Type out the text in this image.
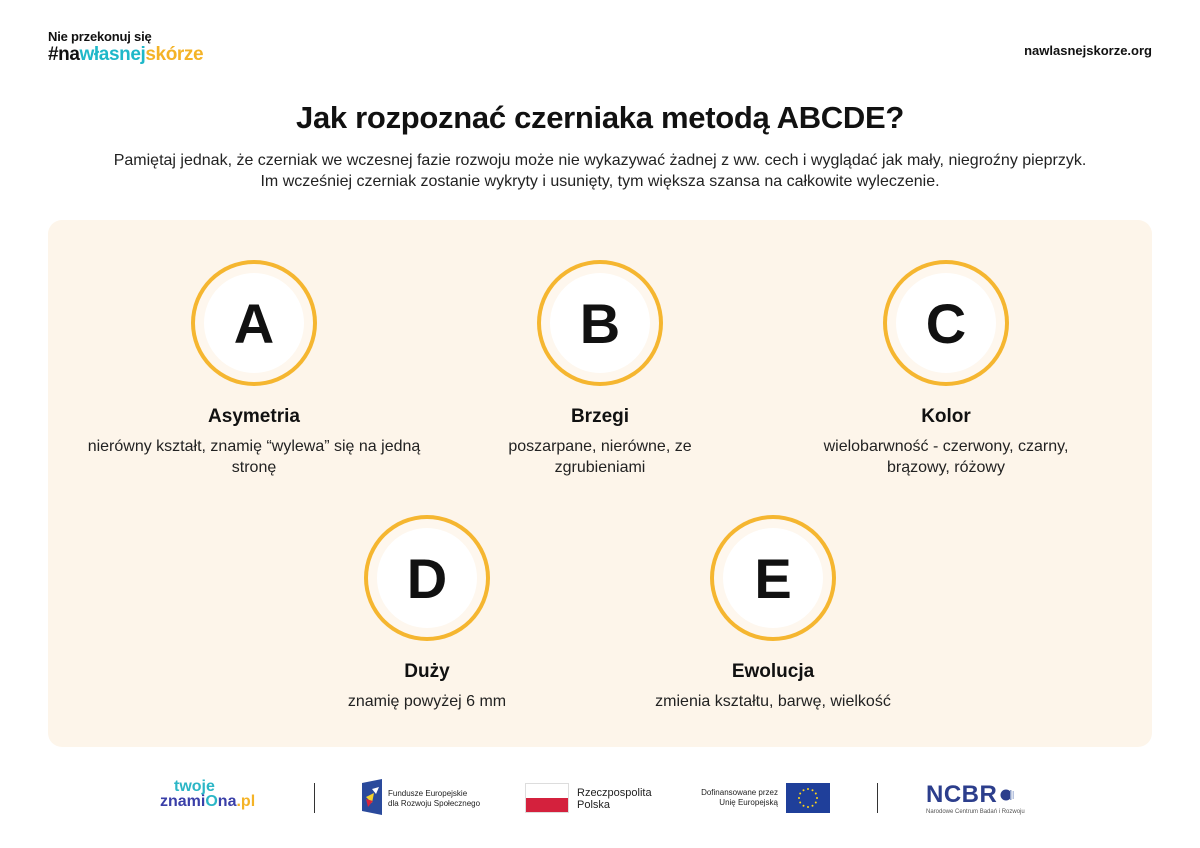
Nie przekonuj się
#nawłasnejskórze	nawlasnejskorze.org
Jak rozpoznać czerniaka metodą ABCDE?

Pamiętaj jednak, że czerniak we wczesnej fazie rozwoju może nie wykazywać żadnej z ww. cech i wyglądać jak mały, niegroźny pieprzyk. Im wcześniej czerniak zostanie wykryty i usunięty, tym większa szansa na całkowite wyleczenie.

A
Asymetria
nierówny kształt, znamię “wylewa” się na jedną stronę
B
Brzegi
poszarpane, nierówne, ze zgrubieniami
C
Kolor
wielobarwność - czerwony, czarny, brązowy, różowy
D
Duży
znamię powyżej 6 mm
E
Ewolucja
zmienia kształtu, barwę, wielkość
twoje
znamiOna.pl	Fundusze Europejskie
dla Rozwoju Społecznego
Rzeczpospolita
Polska
Dofinansowane przez
Unię Europejską	NCBR
Narodowe Centrum Badań i Rozwoju
